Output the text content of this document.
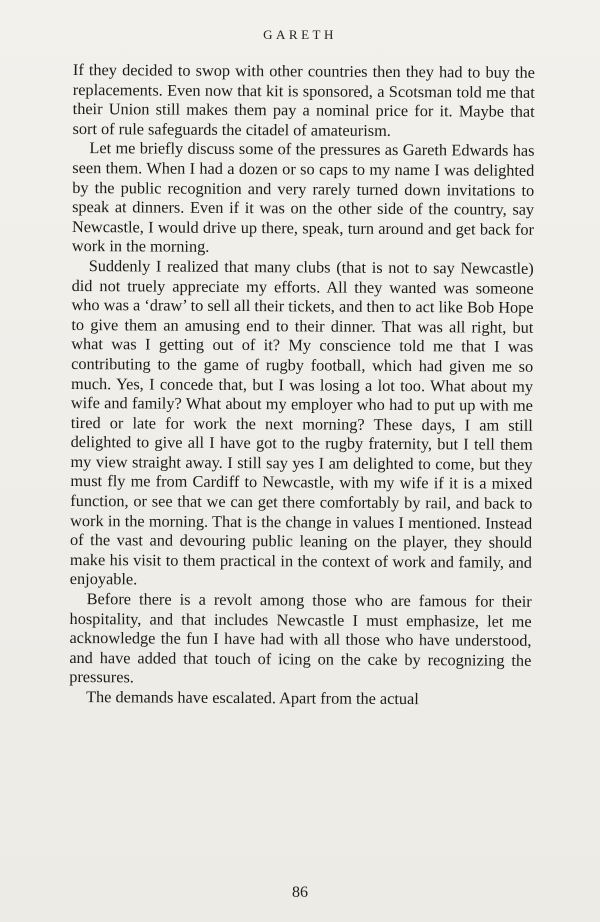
GARETH

If they decided to swop with other countries then they had to buy the replacements. Even now that kit is sponsored, a Scotsman told me that their Union still makes them pay a nominal price for it. Maybe that sort of rule safeguards the citadel of amateurism.

Let me briefly discuss some of the pressures as Gareth Edwards has seen them. When I had a dozen or so caps to my name I was delighted by the public recognition and very rarely turned down invitations to speak at dinners. Even if it was on the other side of the country, say Newcastle, I would drive up there, speak, turn around and get back for work in the morning.

Suddenly I realized that many clubs (that is not to say Newcastle) did not truely appreciate my efforts. All they wanted was someone who was a ‘draw’ to sell all their tickets, and then to act like Bob Hope to give them an amusing end to their dinner. That was all right, but what was I getting out of it? My conscience told me that I was contributing to the game of rugby football, which had given me so much. Yes, I concede that, but I was losing a lot too. What about my wife and family? What about my employer who had to put up with me tired or late for work the next morning? These days, I am still delighted to give all I have got to the rugby fraternity, but I tell them my view straight away. I still say yes I am delighted to come, but they must fly me from Cardiff to Newcastle, with my wife if it is a mixed function, or see that we can get there comfortably by rail, and back to work in the morning. That is the change in values I mentioned. Instead of the vast and devouring public leaning on the player, they should make his visit to them practical in the context of work and family, and enjoyable.

Before there is a revolt among those who are famous for their hospitality, and that includes Newcastle I must emphasize, let me acknowledge the fun I have had with all those who have understood, and have added that touch of icing on the cake by recognizing the pressures.

The demands have escalated. Apart from the actual

86
